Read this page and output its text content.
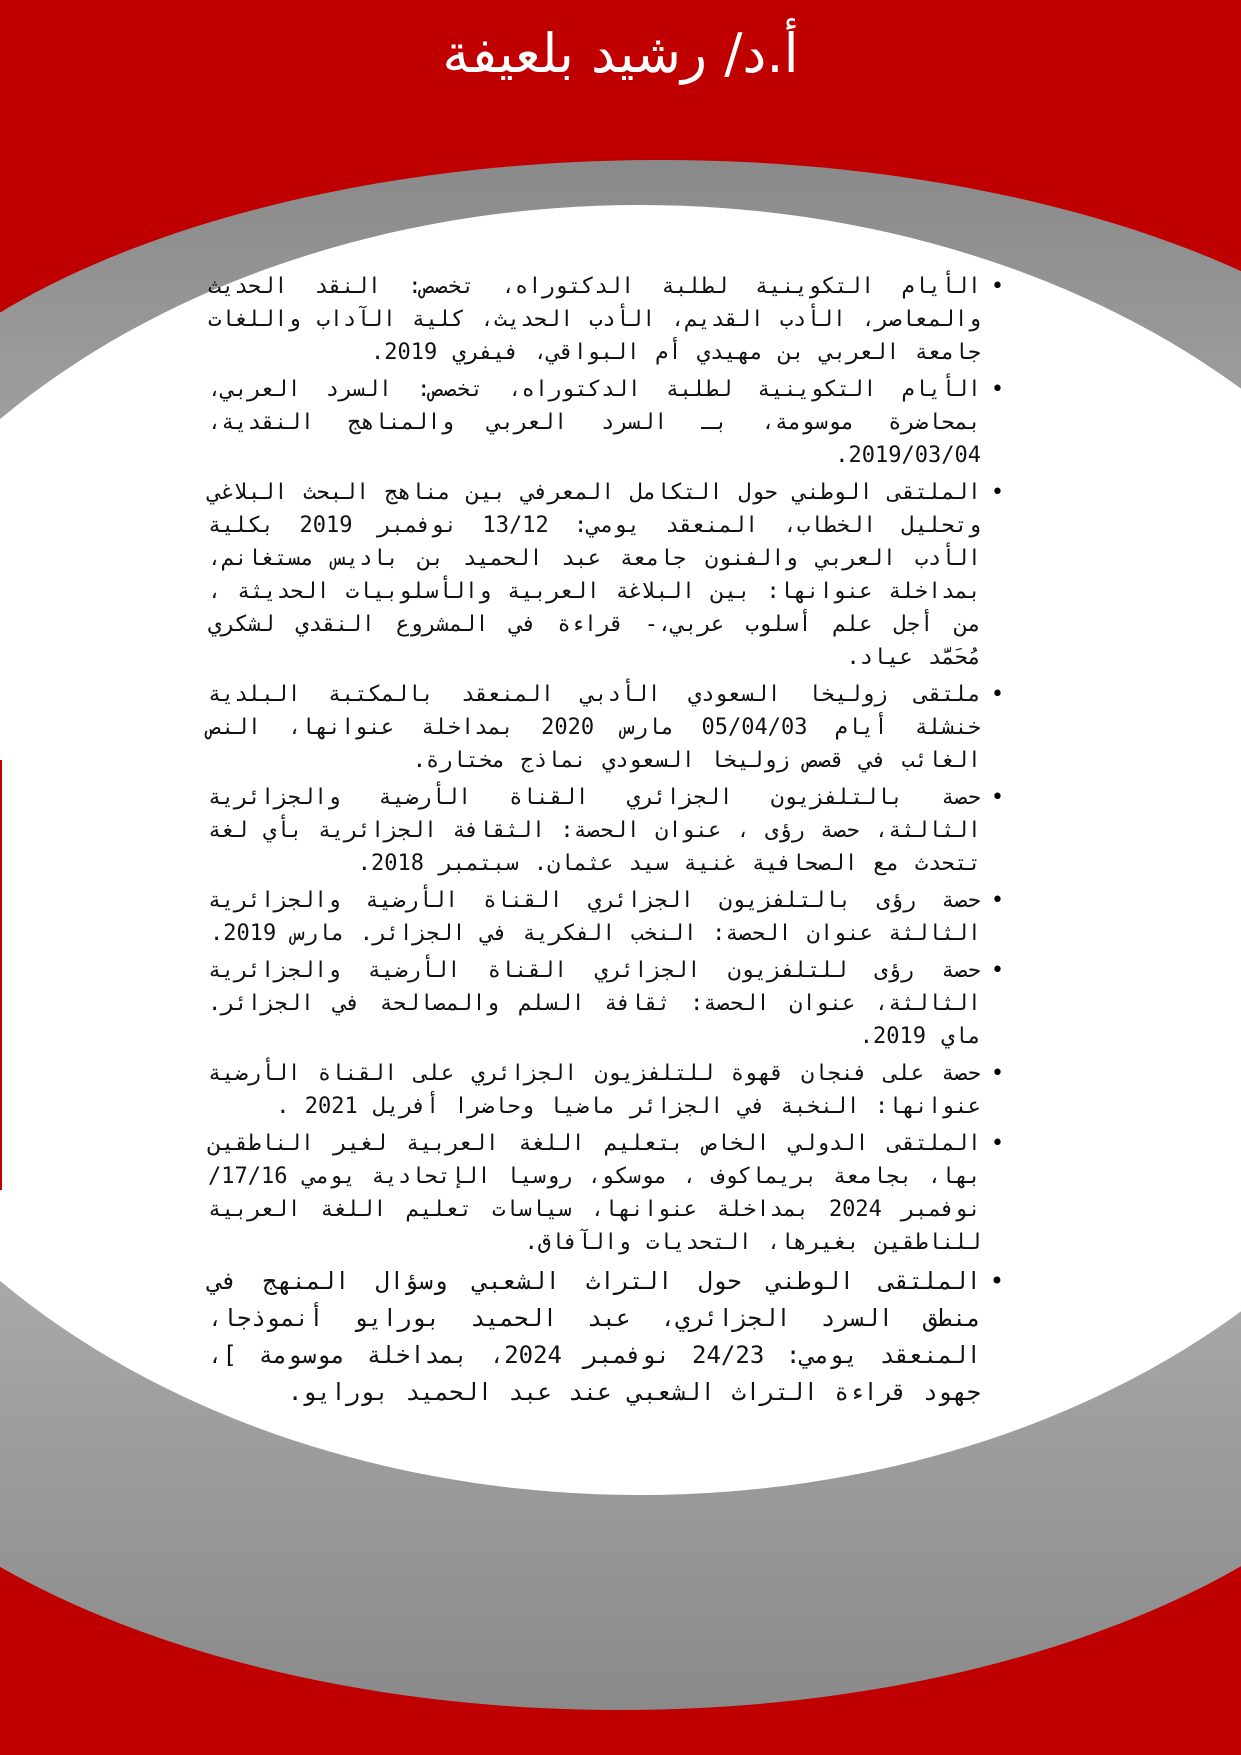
أ.د/ رشيد بلعيفة
•
الأيام التكوينية لطلبة الدكتوراه، تخصص: النقد الحديث والمعاصر، الأدب القديم، الأدب الحديث، كلية الآداب واللغات جامعة العربي بن مهيدي أم البواقي، فيفري 2019.
•
الأيام التكوينية لطلبة الدكتوراه، تخصص: السرد العربي، بمحاضرة موسومة، بـ السرد العربي والمناهج النقدية، 2019/03/04.
•
الملتقى الوطني حول التكامل المعرفي بين مناهج البحث البلاغي وتحليل الخطاب، المنعقد يومي: 13/12 نوفمبر 2019 بكلية الأدب العربي والفنون جامعة عبد الحميد بن باديس مستغانم، بمداخلة عنوانها: بين البلاغة العربية والأسلوبيات الحديثة ، من أجل علم أسلوب عربي،- قراءة في المشروع النقدي لشكري مُحَمَّد عياد.
•
ملتقى زوليخا السعودي الأدبي المنعقد بالمكتبة البلدية خنشلة أيام 05/04/03 مارس 2020 بمداخلة عنوانها، النص الغائب في قصص زوليخا السعودي نماذج مختارة.
•
حصة بالتلفزيون الجزائري القناة الأرضية والجزائرية الثالثة، حصة رؤى ، عنوان الحصة: الثقافة الجزائرية بأي لغة تتحدث مع الصحافية غنية سيد عثمان. سبتمبر 2018.
•
حصة رؤى بالتلفزيون الجزائري القناة الأرضية والجزائرية الثالثة عنوان الحصة: النخب الفكرية في الجزائر. مارس 2019.
•
حصة رؤى للتلفزيون الجزائري القناة الأرضية والجزائرية الثالثة، عنوان الحصة: ثقافة السلم والمصالحة في الجزائر. ماي 2019.
•
حصة على فنجان قهوة للتلفزيون الجزائري على القناة الأرضية عنوانها: النخبة في الجزائر ماضيا وحاضرا أفريل 2021 .
•
الملتقى الدولي الخاص بتعليم اللغة العربية لغير الناطقين بها، بجامعة بريماكوف ، موسكو، روسيا الإتحادية يومي 17/16/ نوفمبر 2024 بمداخلة عنوانها، سياسات تعليم اللغة العربية للناطقين بغيرها، التحديات والآفاق.
•
الملتقى الوطني حول التراث الشعبي وسؤال المنهج في منطق السرد الجزائري، عبد الحميد بورايو أنموذجا، المنعقد يومي: 24/23 نوفمبر 2024، بمداخلة موسومة ]، جهود قراءة التراث الشعبي عند عبد الحميد بورايو.
